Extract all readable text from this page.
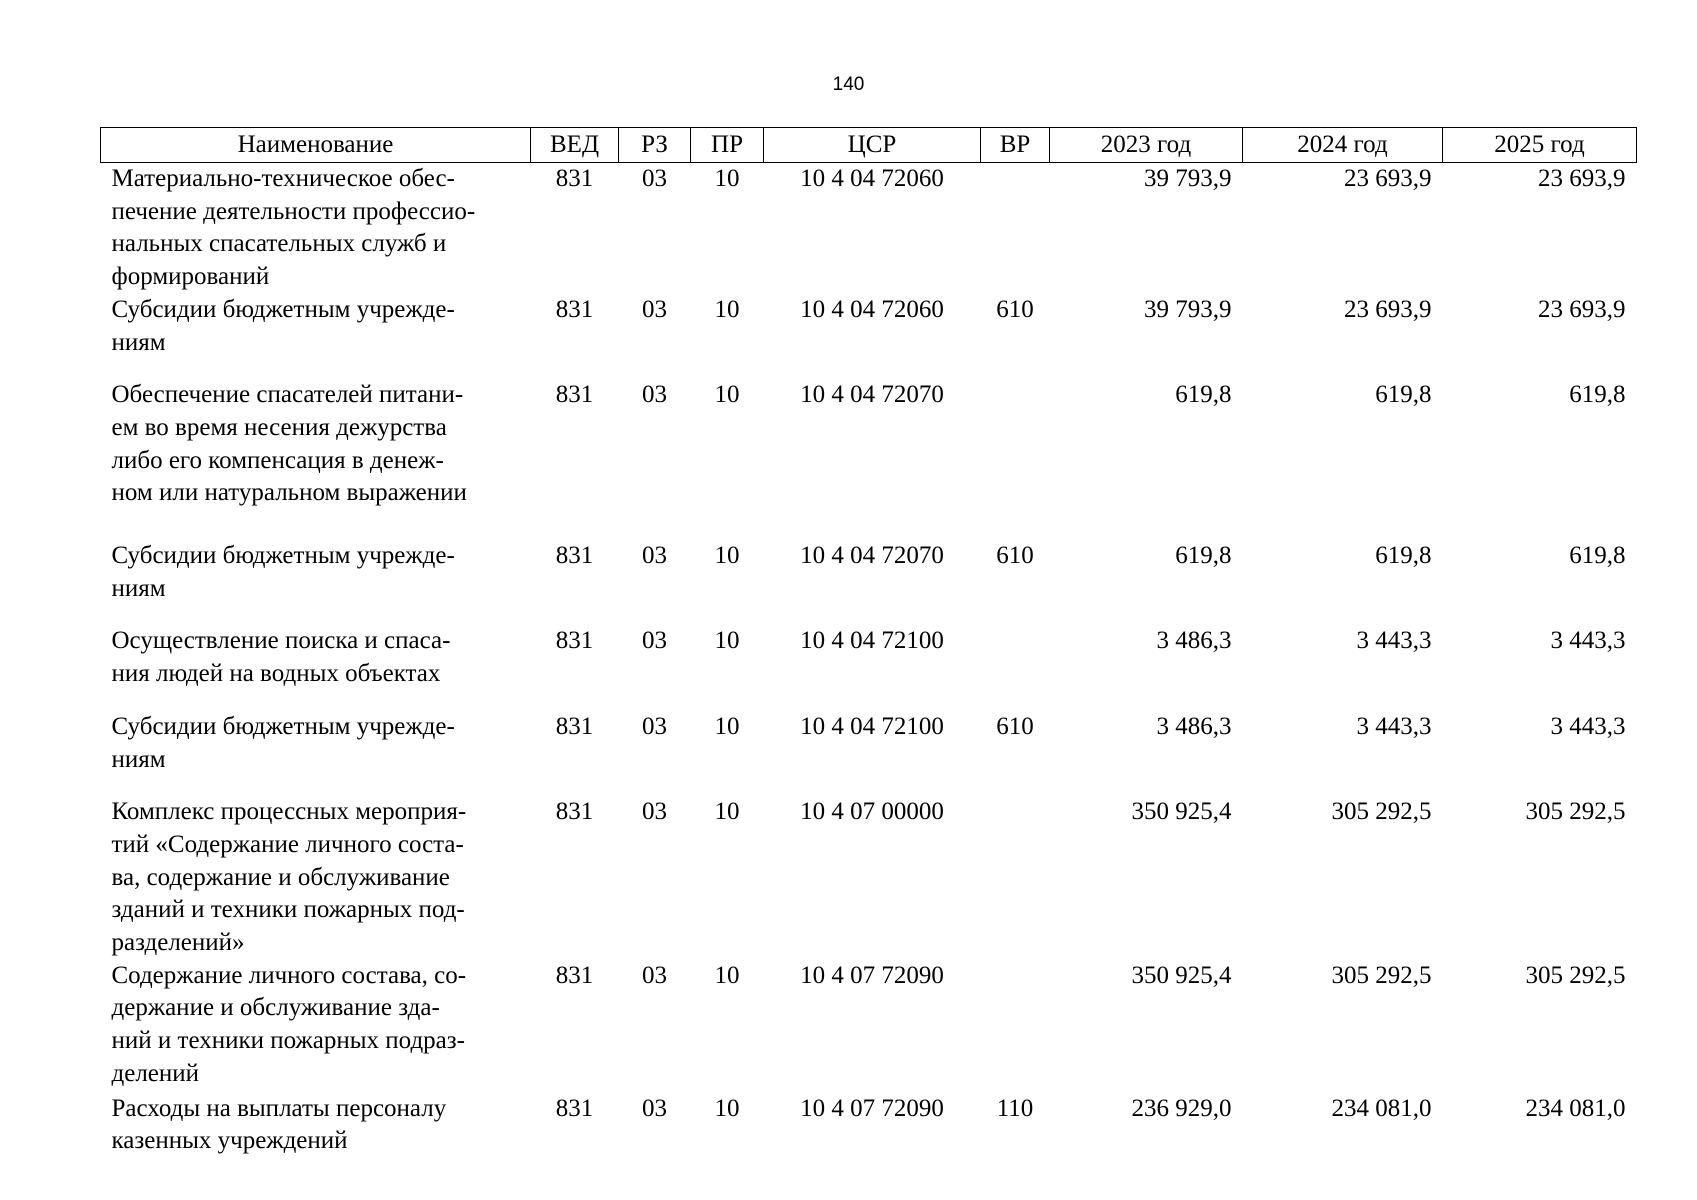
140
Наименование	ВЕД	РЗ	ПР	ЦСР	ВР	2023 год	2024 год	2025 год

Материально-техническое обес-
печение деятельности профессио-
нальных спасательных служб и
формирований	831	03	10	10 4 04 72060		39 793,9	23 693,9	23 693,9

Субсидии бюджетным учрежде-
ниям	831	03	10	10 4 04 72060	610	39 793,9	23 693,9	23 693,9

Обеспечение спасателей питани-
ем во время несения дежурства
либо его компенсация в денеж-
ном или натуральном выражении	831	03	10	10 4 04 72070		619,8	619,8	619,8

Субсидии бюджетным учрежде-
ниям	831	03	10	10 4 04 72070	610	619,8	619,8	619,8

Осуществление поиска и спаса-
ния людей на водных объектах	831	03	10	10 4 04 72100		3 486,3	3 443,3	3 443,3

Субсидии бюджетным учрежде-
ниям	831	03	10	10 4 04 72100	610	3 486,3	3 443,3	3 443,3

Комплекс процессных мероприя-
тий «Содержание личного соста-
ва, содержание и обслуживание
зданий и техники пожарных под-
разделений»	831	03	10	10 4 07 00000		350 925,4	305 292,5	305 292,5

Содержание личного состава, со-
держание и обслуживание зда-
ний и техники пожарных подраз-
делений	831	03	10	10 4 07 72090		350 925,4	305 292,5	305 292,5

Расходы на выплаты персоналу
казенных учреждений	831	03	10	10 4 07 72090	110	236 929,0	234 081,0	234 081,0
